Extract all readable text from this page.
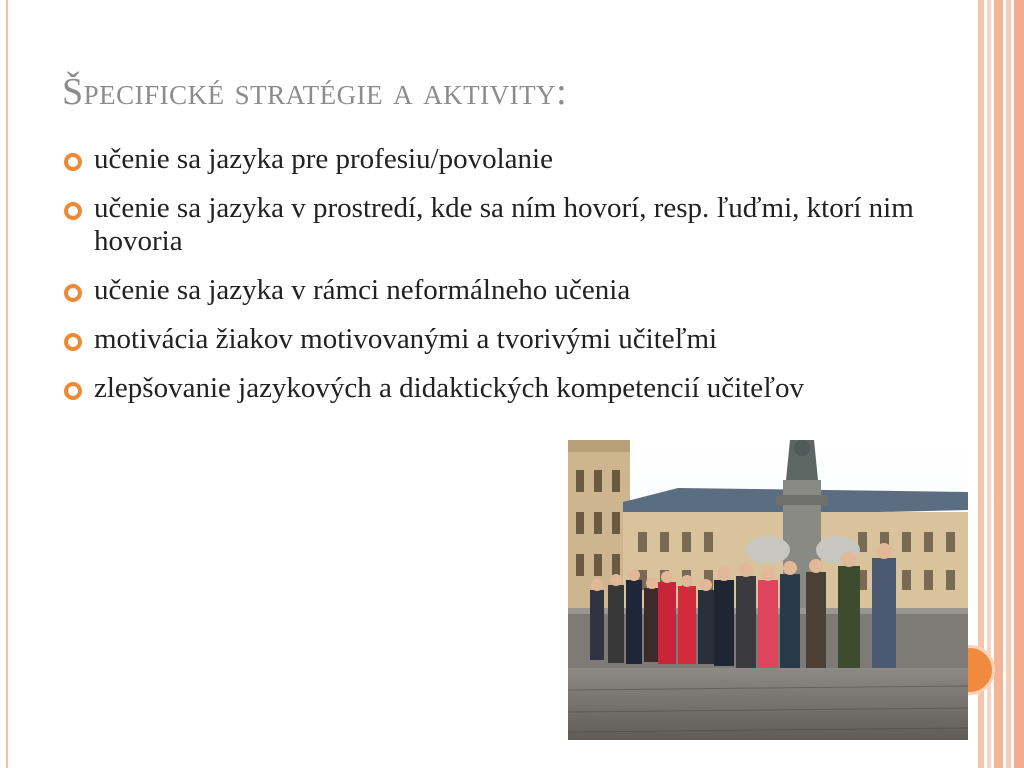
Špecifické stratégie a aktivity:
učenie sa jazyka pre profesiu/povolanie
učenie sa jazyka v prostredí, kde sa ním hovorí, resp. ľuďmi, ktorí nim hovoria
učenie sa jazyka v rámci neformálneho učenia
motivácia žiakov motivovanými a tvorivými učiteľmi
zlepšovanie jazykových a didaktických kompetencií učiteľov
